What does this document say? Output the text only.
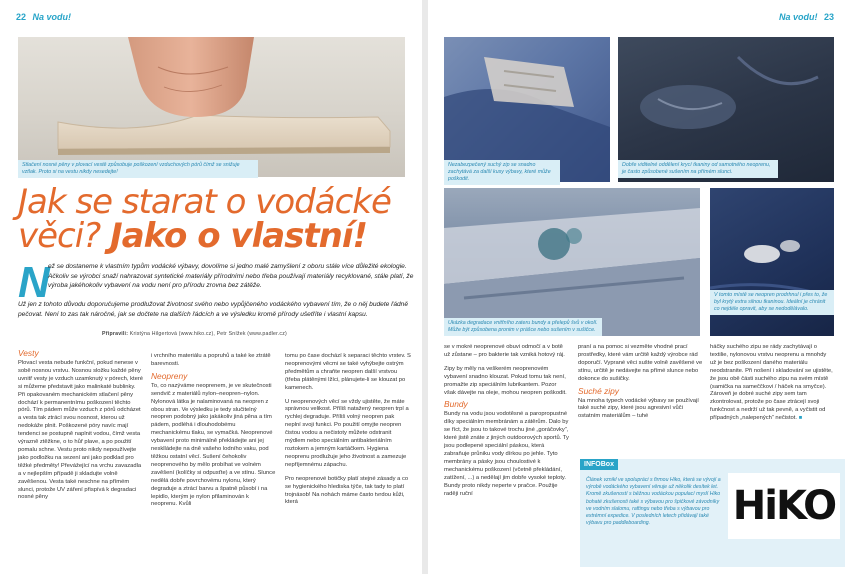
22 Na vodu!
Stlačení nosné pěny v plovací vestě způsobuje poškození vzduchových pórů čímž se snižuje vztlak. Proto si na vestu nikdy nesedejte!
Jak se starat o vodácké věci? Jako o vlastní!
N
ež se dostaneme k vlastním typům vodácké výbavy, dovolíme si jedno malé zamyšlení z oboru stále více důležité ekologie. Ačkoliv se výrobci snaží nahrazovat syntetické materiály přírodními nebo třeba používají materiály recyklované, stále platí, že výroba jakéhokoliv vybavení na vodu není pro přírodu zrovna bez zátěže.
Už jen z tohoto důvodu doporučujeme prodlužovat životnost svého nebo vypůjčeného vodáckého vybavení tím, že o něj budete řádně pečovat. Není to zas tak náročné, jak se dočtete na dalších řádcích a ve výsledku kromě přírody ušetříte i vlastní kapsu.
Připravili: Kristýna Hilgertová (www.hiko.cz), Petr Snížek (www.padler.cz)
Vesty
Plovací vesta nebude funkční, pokud nenese v sobě nosnou vrstvu. Nosnou složku každé pěny uvnitř vesty je vzduch uzamknutý v pórech, které si můžeme představit jako malinkaté bublinky. Při opakovaném mechanickém stlačení pěny dochází k permanentnímu poškození těchto pórů. Tím pádem může vzduch z pórů odcházet a vesta tak ztrácí svou nosnost, kterou už nedokáže plnit. Poškozené póry navíc mají tendenci se postupně naplnit vodou, čímž vesta výrazně ztěžkne, o to hůř plave, a po použití pomalu schne. Vestu proto nikdy nepoužívejte jako podložku na sezení ani jako podklad pro těžké předměty! Převážející na vrchu zavazadla a v nejlepším případě ji skladujte volně zavěšenou. Vesta také neschne na přímém slunci, protože UV záření přispívá k degradaci nosné pěny
i vrchního materiálu a popruhů a také ke ztrátě barevnosti.
Neopreny
To, co nazýváme neoprenem, je ve skutečnosti sendvič z materiálů nylon–neopren–nylon. Nylonová látka je nalaminovaná na neopren z obou stran. Ve výsledku je tedy slučitelný neopren podobný jako jakákoliv jiná pěna a tím pádem, podléhá i dlouhodobému mechanickému tlaku, se vymačká. Neoprenové vybavení proto minimálně překládejte ani jej nesklládejte na dně vašeho lodního vaku, pod těžkou ostatní věcí. Sušení čehokoliv neoprenového by mělo probíhat ve volném zavěšení (kolíčky si odpusťte) a ve stínu. Slunce nedělá dobře povrchovému nylonu, který degraduje a ztrácí barvu a špatně působí i na lepidlo, kterým je nylon přilaminován k neoprenu. Kvůli
tomu po čase dochází k separaci těchto vrstev. S neoprenovými věcmi se také vyhýbejte ostrým předmětům a chraňte neopren další vrstvou (třeba plátěnými lžíci, plánujete-li se klouzat po kamenech.
U neoprenových věcí se vždy ujistěte, že máte správnou velikost. Příliš natažený neopren trpí a rychlej degraduje. Příliš volný neopren pak neplní svoji funkci. Po použití omyjte neopren čistou vodou a nečistoty můžete odstranit mýdlem nebo speciálním antibakteriálním roztokem a jemným kartáčkem. Hygiena neoprenu prodlužuje jeho životnost a zamezuje nepříjemnému zápachu.
Pro neoprenové botičky platí stejné zásady a co se hygienického hlediska týče, tak tady to platí trojnásob! Na nohách máme často tvrdou kůži, která
Na vodu! 23
Nezabezpečený suchý zip se snadno zachytává za další kusy výbavy, které může poškodit.
Dobře viditelné oddělení krycí tkaniny od samotného neoprenu, je často způsobené sušením na přímém slunci.
Ukázka degradace vnitřního zateru bundy a přelepů švů v okolí. Může být způsobena pronim v prášce nebo sušením v sušičce.
V tomto místě se neopren prodrhnul i přes to, že byl krytý extra silnou tkaninou. Ideální je chránit co nejdéle opravit, aby se nedodělávalo.
se v mokré neoprenové obuvi odmočí a v botě už zůstane – pro bakterie tak vzniká hotový ráj.
Zipy by měly na veškerém neoprenovém vybavení snadno klouzat. Pokud tomu tak není, promažte zip speciálním lubrikantem. Pozor však dávejte na oleje, mohou neopren poškodit.
Bundy
Bundy na vodu jsou vodotěsné a paropropustné díky speciálním membránám a zátěrům. Dalo by se říct, že jsou to takové trochu jiné „goráčovky“, které jistě znáte z jiných outdoorových sportů. Ty jsou podlepené speciální páskou, která zabraňuje průniku vody dírkou po jehle. Tyto membrány a pásky jsou choulostivé k mechanickému poškození (včetně překládání, zatížení, ...) a nedělají jim dobře vysoké teploty. Bundy proto nikdy neperte v pračce. Použije raději ruční
praní a na pomoc si vezměte vhodné prací prostředky, které vám určitě každý výrobce rád doporučí. Vyprané věci sušte volně zavěšené ve stínu, určitě je nedávejte na přímé slunce nebo dokonce do sušičky.
Suché zipy
Na mnoha typech vodácké výbavy se používají také suché zipy, které jsou agresivní vůči ostatním materiálům – tuhé
háčky suchého zipu se rády zachytávají o textilie, nylonovou vrstvu neoprenu a mnohdy už je bez poškození daného materiálu neodstranite. Při nošení i skladování se ujistěte, že jsou obě části suchého zipu na svém místě (samička na sameččkovi / háček na smyčce). Zároveň je dobré suché zipy sem tam zkontrolovat, protože po čase ztrácejí svoji funkčnost a nedrží už tak pevně, a vyčistit od případných „nalepených“ nečistot. ■
INFOBox
Článek vznikl ve spolupráci s firmou Hiko, která se vývojí a výrobě vodáckého vybavení věnuje už několik desítek let. Kromě zkušeností s běžnou vodáckou populací myslí Hiko bohaté zkušenosti také s výbavou pro špičkové závodníky ve vodním slalomu, raftingu nebo třeba s výbavou pro extrémní expedice. V posledních letech přidávají také výbavu pro paddleboarding.	HiKO
